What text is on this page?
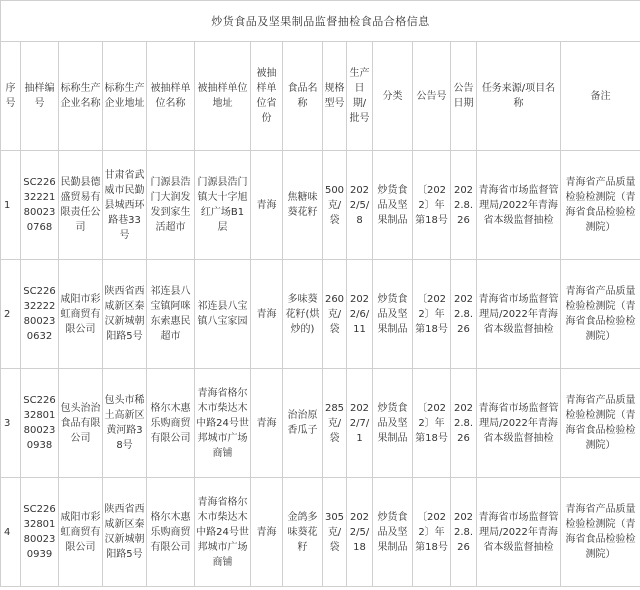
炒货食品及坚果制品监督抽检食品合格信息														
序号	抽样编号	标称生产企业名称	标称生产企业地址	被抽样单位名称	被抽样单位地址	被抽样单位省份	食品名称	规格型号	生产日期/批号	分类	公告号	公告日期	任务来源/项目名称	备注
1	SC22632221800230768	民勤县德盛贸易有限责任公司	甘肃省武威市民勤县城西环路巷33号	门源县浩门大润发发到家生活超市	门源县浩门镇大十字旭红广场B1层	青海	焦糖味葵花籽	500克/袋	2022/5/8	炒货食品及坚果制品	〔2022〕年第18号	2022.8.26	青海省市场监督管理局/2022年青海省本级监督抽检	青海省产品质量检验检测院（青海省食品检验检测院）
2	SC22632222800230632	咸阳市彩虹商贸有限公司	陕西省西咸新区秦汉新城朝阳路5号	祁连县八宝镇阿咪东索惠民超市	祁连县八宝镇八宝家园	青海	多味葵花籽(烘炒的)	260克/袋	2022/6/11	炒货食品及坚果制品	〔2022〕年第18号	2022.8.26	青海省市场监督管理局/2022年青海省本级监督抽检	青海省产品质量检验检测院（青海省食品检验检测院）
3	SC22632801800230938	包头治治食品有限公司	包头市稀土高新区黄河路38号	格尔木惠乐购商贸有限公司	青海省格尔木市柴达木中路24号世邦城市广场商铺	青海	治治原香瓜子	285克/袋	2022/7/1	炒货食品及坚果制品	〔2022〕年第18号	2022.8.26	青海省市场监督管理局/2022年青海省本级监督抽检	青海省产品质量检验检测院（青海省食品检验检测院）
4	SC22632801800230939	咸阳市彩虹商贸有限公司	陕西省西咸新区秦汉新城朝阳路5号	格尔木惠乐购商贸有限公司	青海省格尔木市柴达木中路24号世邦城市广场商铺	青海	金鸽多味葵花籽	305克/袋	2022/5/18	炒货食品及坚果制品	〔2022〕年第18号	2022.8.26	青海省市场监督管理局/2022年青海省本级监督抽检	青海省产品质量检验检测院（青海省食品检验检测院）
